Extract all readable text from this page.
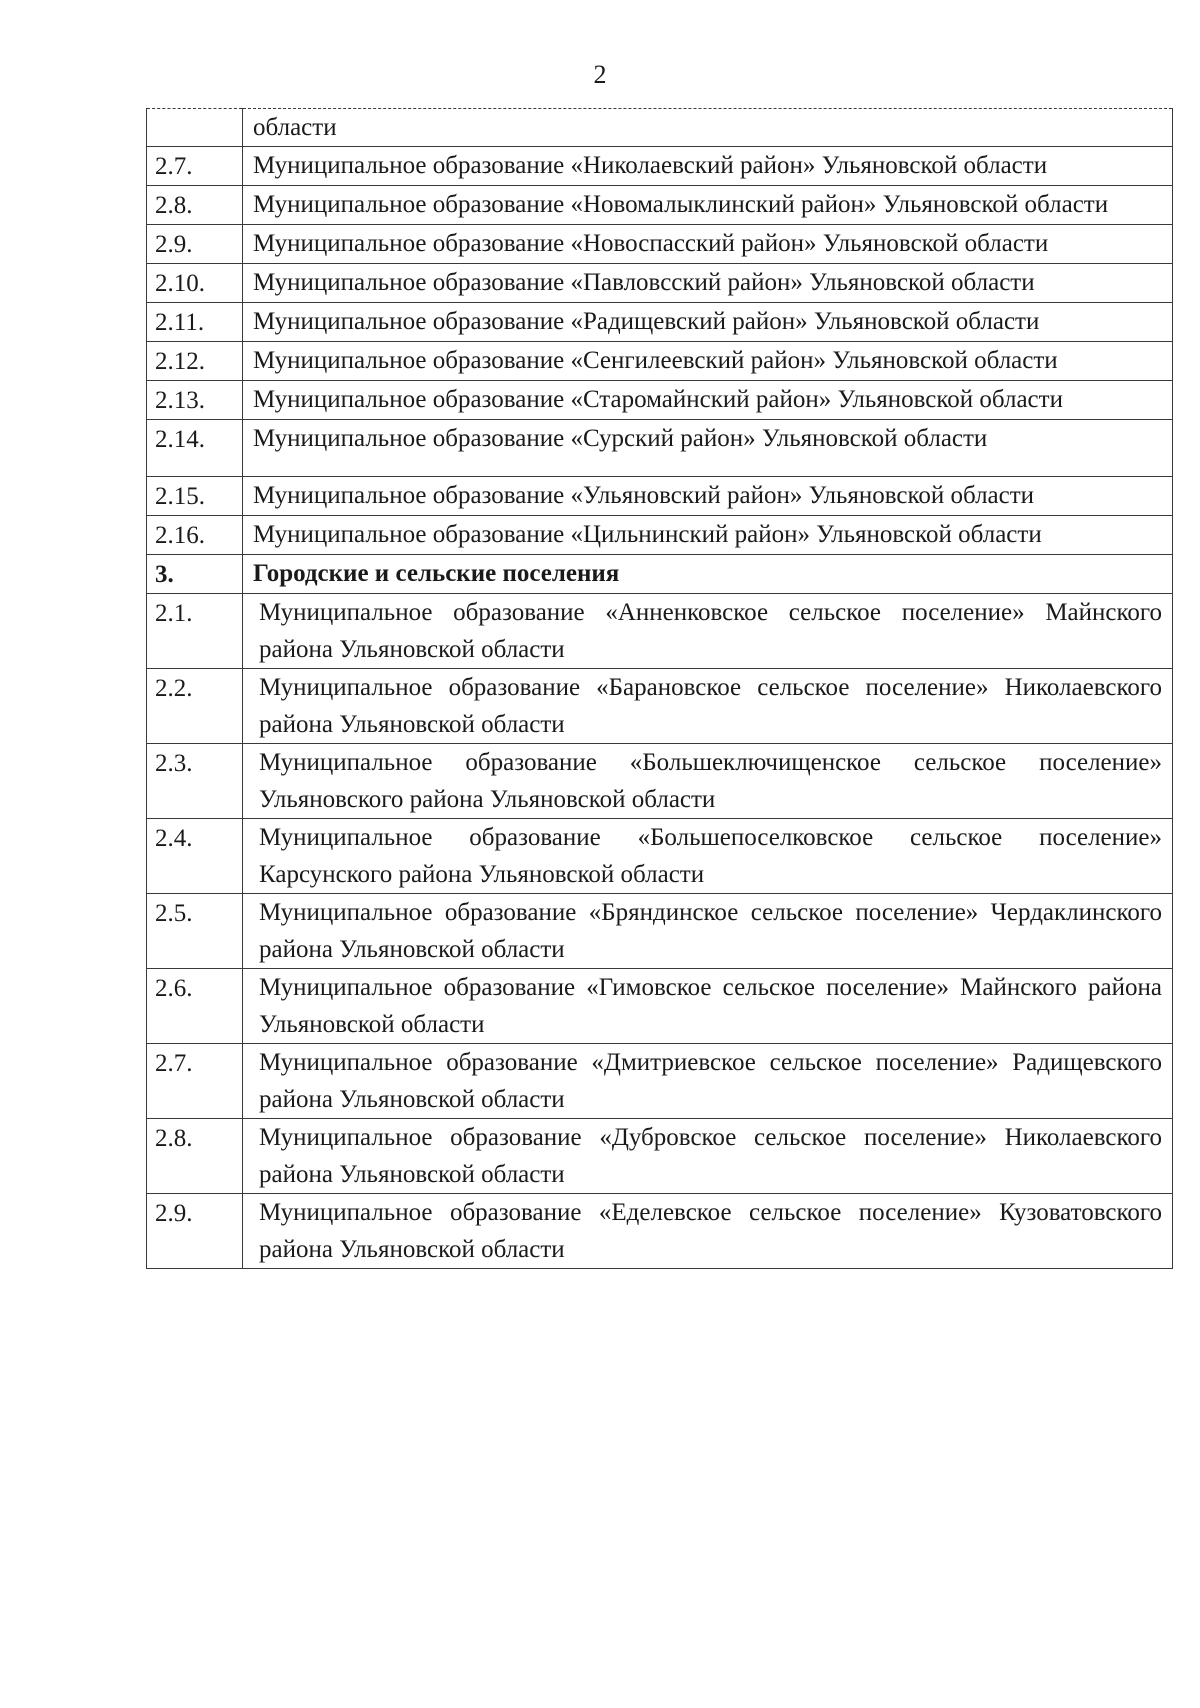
2
	области
2.7.	Муниципальное образование «Николаевский район» Ульяновской области
2.8.	Муниципальное образование «Новомалыклинский район» Ульяновской области
2.9.	Муниципальное образование «Новоспасский район» Ульяновской области
2.10.	Муниципальное образование «Павловсский район» Ульяновской области
2.11.	Муниципальное образование «Радищевский район» Ульяновской области
2.12.	Муниципальное образование «Сенгилеевский район» Ульяновской области
2.13.	Муниципальное образование «Старомайнский район» Ульяновской области
2.14.	Муниципальное образование «Сурский район» Ульяновской области
2.15.	Муниципальное образование «Ульяновский район» Ульяновской области
2.16.	Муниципальное образование «Цильнинский район» Ульяновской области
3.	Городские и сельские поселения
2.1.	Муниципальное образование «Анненковское сельское поселение» Майнского района Ульяновской области
2.2.	Муниципальное образование «Барановское сельское поселение» Николаевского района Ульяновской области
2.3.	Муниципальное образование «Большеключищенское сельское поселение» Ульяновского района Ульяновской области
2.4.	Муниципальное образование «Большепоселковское сельское поселение» Карсунского района Ульяновской области
2.5.	Муниципальное образование «Бряндинское сельское поселение» Чердаклинского района Ульяновской области
2.6.	Муниципальное образование «Гимовское сельское поселение» Майнского района Ульяновской области
2.7.	Муниципальное образование «Дмитриевское сельское поселение» Радищевского района Ульяновской области
2.8.	Муниципальное образование «Дубровское сельское поселение» Николаевского района Ульяновской области
2.9.	Муниципальное образование «Еделевское сельское поселение» Кузоватовского района Ульяновской области
